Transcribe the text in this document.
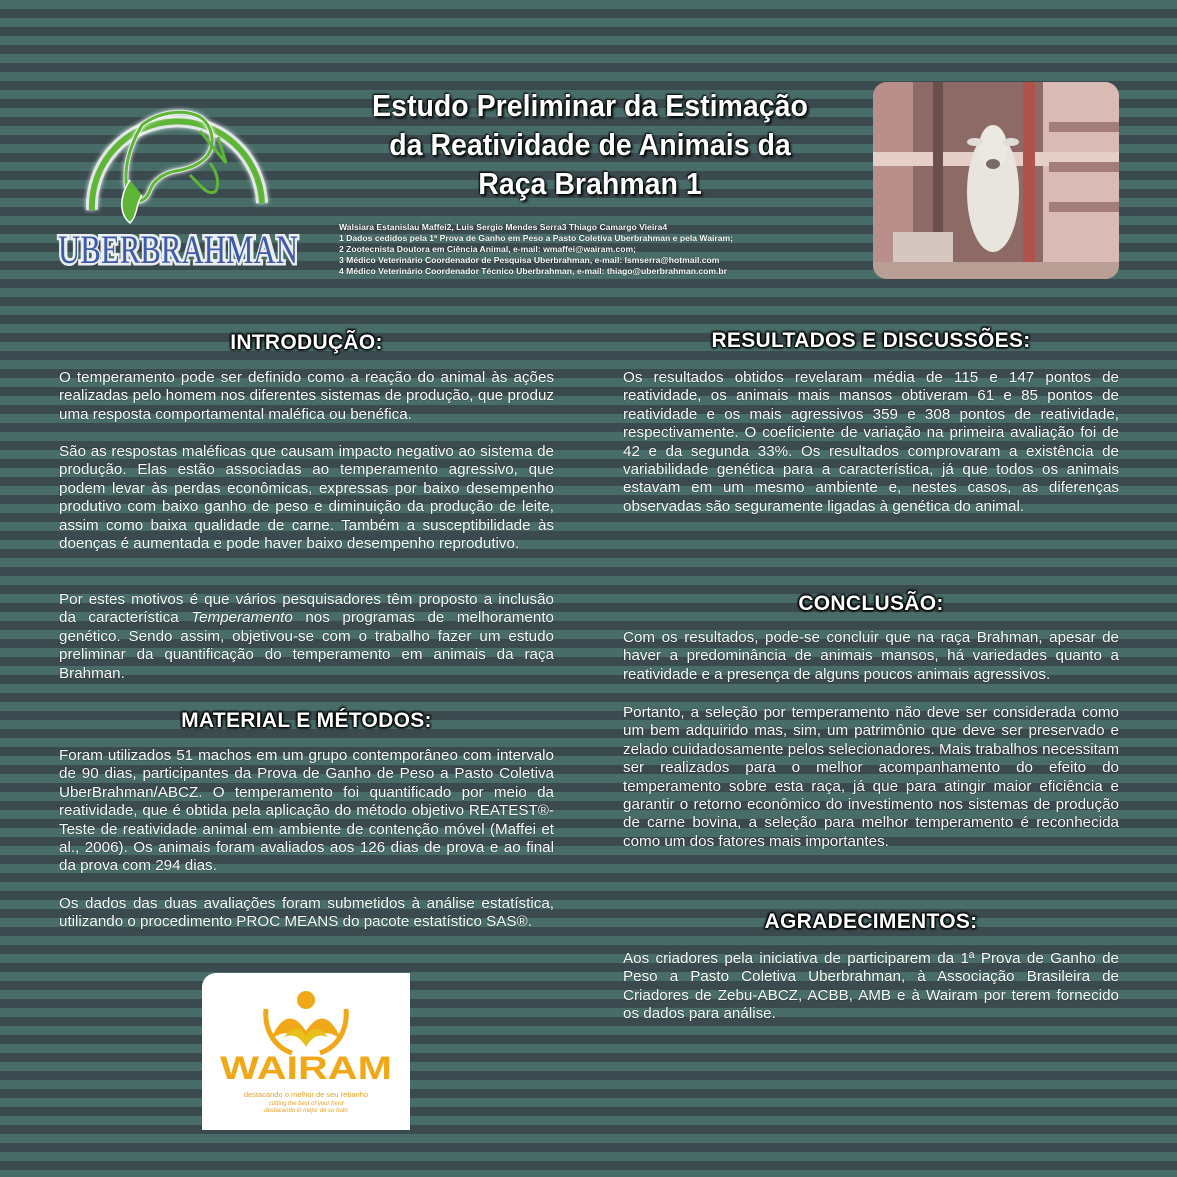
UBERBRAHMAN
UBERBRAHMAN
Estudo Preliminar da Estimação
da Reatividade de Animais da
Raça Brahman 1
Walsiara Estanislau Maffei2, Luis Sergio Mendes Serra3 Thiago Camargo Vieira4
1 Dados cedidos pela 1ª Prova de Ganho em Peso a Pasto Coletiva Uberbrahman e pela Wairam;
2 Zootecnista Doutora em Ciência Animal, e-mail: wmaffei@wairam.com;
3 Médico Veterinário Coordenador de Pesquisa Uberbrahman, e-mail: lsmserra@hotmail.com
4 Médico Veterinário Coordenador Técnico Uberbrahman, e-mail: thiago@uberbrahman.com.br
INTRODUÇÃO:
O temperamento pode ser definido como a reação do animal às ações realizadas pelo homem nos diferentes sistemas de produção, que produz uma resposta comportamental maléfica ou benéfica.
São as respostas maléficas que causam impacto negativo ao sistema de produção. Elas estão associadas ao temperamento agressivo, que podem levar às perdas econômicas, expressas por baixo desempenho produtivo com baixo ganho de peso e diminuição da produção de leite, assim como baixa qualidade de carne. Também a susceptibilidade às doenças é aumentada e pode haver baixo desempenho reprodutivo.
Por estes motivos é que vários pesquisadores têm proposto a inclusão da característica Temperamento nos programas de melhoramento genético. Sendo assim, objetivou-se com o trabalho fazer um estudo preliminar da quantificação do temperamento em animais da raça Brahman.
MATERIAL E MÉTODOS:
Foram utilizados 51 machos em um grupo contemporâneo com intervalo de 90 dias, participantes da Prova de Ganho de Peso a Pasto Coletiva UberBrahman/ABCZ. O temperamento foi quantificado por meio da reatividade, que é obtida pela aplicação do método objetivo REATEST®-Teste de reatividade animal em ambiente de contenção móvel (Maffei et al., 2006). Os animais foram avaliados aos 126 dias de prova e ao final da prova com 294 dias.
Os dados das duas avaliações foram submetidos à análise estatística, utilizando o procedimento PROC MEANS do pacote estatístico SAS®.
RESULTADOS E DISCUSSÕES:
Os resultados obtidos revelaram média de 115 e 147 pontos de reatividade, os animais mais mansos obtiveram 61 e 85 pontos de reatividade e os mais agressivos 359 e 308 pontos de reatividade, respectivamente. O coeficiente de variação na primeira avaliação foi de 42 e da segunda 33%. Os resultados comprovaram a existência de variabilidade genética para a característica, já que todos os animais estavam em um mesmo ambiente e, nestes casos, as diferenças observadas são seguramente ligadas à genética do animal.
CONCLUSÃO:
Com os resultados, pode-se concluir que na raça Brahman, apesar de haver a predominância de animais mansos, há variedades quanto a reatividade e a presença de alguns poucos animais agressivos.
Portanto, a seleção por temperamento não deve ser considerada como um bem adquirido mas, sim, um patrimônio que deve ser preservado e zelado cuidadosamente pelos selecionadores. Mais trabalhos necessitam ser realizados para o melhor acompanhamento do efeito do temperamento sobre esta raça, já que para atingir maior eficiência e garantir o retorno econômico do investimento nos sistemas de produção de carne bovina, a seleção para melhor temperamento é reconhecida como um dos fatores mais importantes.
AGRADECIMENTOS:
Aos criadores pela iniciativa de participarem da 1ª Prova de Ganho de Peso a Pasto Coletiva Uberbrahman, à Associação Brasileira de Criadores de Zebu-ABCZ, ACBB, AMB e à Wairam por terem fornecido os dados para análise.
WAIRAM
destacando o melhor de seu rebanho
cutting the best of your herd
destacando lo mejor de su hato
